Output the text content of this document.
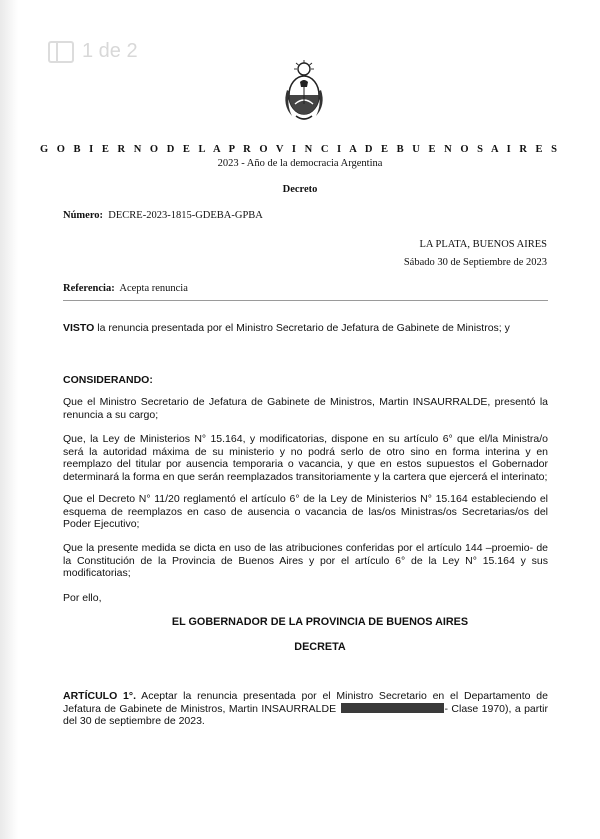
1 de 2
G O B I E R N O D E L A P R O V I N C I A D E B U E N O S A I R E S
2023 - Año de la democracia Argentina
Decreto
Número: DECRE-2023-1815-GDEBA-GPBA
LA PLATA, BUENOS AIRES
Sábado 30 de Septiembre de 2023
Referencia: Acepta renuncia
VISTO la renuncia presentada por el Ministro Secretario de Jefatura de Gabinete de Ministros; y
CONSIDERANDO:
Que el Ministro Secretario de Jefatura de Gabinete de Ministros, Martin INSAURRALDE, presentó la renuncia a su cargo;
Que, la Ley de Ministerios N° 15.164, y modificatorias, dispone en su artículo 6° que el/la Ministra/o será la autoridad máxima de su ministerio y no podrá serlo de otro sino en forma interina y en reemplazo del titular por ausencia temporaria o vacancia, y que en estos supuestos el Gobernador determinará la forma en que serán reemplazados transitoriamente y la cartera que ejercerá el interinato;
Que el Decreto N° 11/20 reglamentó el artículo 6° de la Ley de Ministerios N° 15.164 estableciendo el esquema de reemplazos en caso de ausencia o vacancia de las/os Ministras/os Secretarias/os del Poder Ejecutivo;
Que la presente medida se dicta en uso de las atribuciones conferidas por el artículo 144 –proemio- de la Constitución de la Provincia de Buenos Aires y por el artículo 6° de la Ley N° 15.164 y sus modificatorias;
Por ello,
EL GOBERNADOR DE LA PROVINCIA DE BUENOS AIRES
DECRETA
ARTÍCULO 1°. Aceptar la renuncia presentada por el Ministro Secretario en el Departamento de Jefatura de Gabinete de Ministros, Martin INSAURRALDE	- Clase 1970), a partir del 30 de septiembre de 2023.
